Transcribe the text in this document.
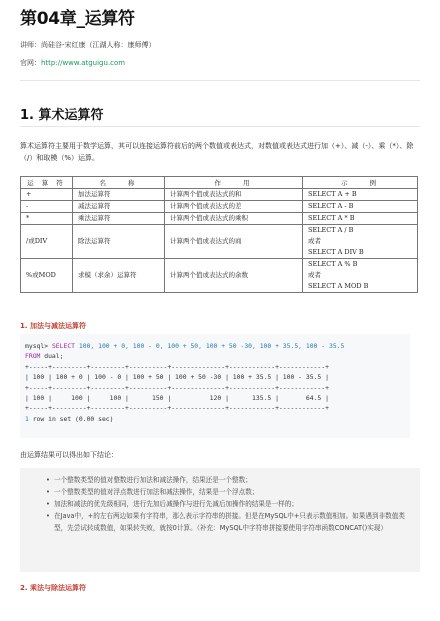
第04章_运算符
讲师：尚硅谷-宋红康（江湖人称：康师傅）
官网：http://www.atguigu.com
1. 算术运算符
算术运算符主要用于数学运算，其可以连接运算符前后的两个数值或表达式，对数值或表达式进行加（+）、减（-）、乘（*）、除（/）和取模（%）运算。
运 算 符	名　　称	作　　用	示　　例
+	加法运算符	计算两个值或表达式的和	SELECT A + B

-	减法运算符	计算两个值或表达式的差	SELECT A - B

*	乘法运算符	计算两个值或表达式的乘积	SELECT A * B

/或DIV	除法运算符	计算两个值或表达式的商	SELECT A / B
或者
SELECT A DIV B

%或MOD	求模（求余）运算符	计算两个值或表达式的余数	SELECT A % B
或者
SELECT A MOD B
1. 加法与减法运算符
mysql> SELECT 100, 100 + 0, 100 - 0, 100 + 50, 100 + 50 -30, 100 + 35.5, 100 - 35.5
FROM dual;
+-----+---------+---------+----------+--------------+------------+------------+
| 100 | 100 + 0 | 100 - 0 | 100 + 50 | 100 + 50 -30 | 100 + 35.5 | 100 - 35.5 |
+-----+---------+---------+----------+--------------+------------+------------+
| 100 |     100 |     100 |      150 |          120 |      135.5 |       64.5 |
+-----+---------+---------+----------+--------------+------------+------------+
1 row in set (0.00 sec)
由运算结果可以得出如下结论：
• 一个整数类型的值对整数进行加法和减法操作，结果还是一个整数；
• 一个整数类型的值对浮点数进行加法和减法操作，结果是一个浮点数；
• 加法和减法的优先级相同，进行先加后减操作与进行先减后加操作的结果是一样的；
• 在Java中，+的左右两边如果有字符串，那么表示字符串的拼接。但是在MySQL中+只表示数值相加。如果遇到非数值类型，先尝试转成数值，如果转失败，就按0计算。（补充：MySQL中字符串拼接要使用字符串函数CONCAT()实现）
2. 乘法与除法运算符
